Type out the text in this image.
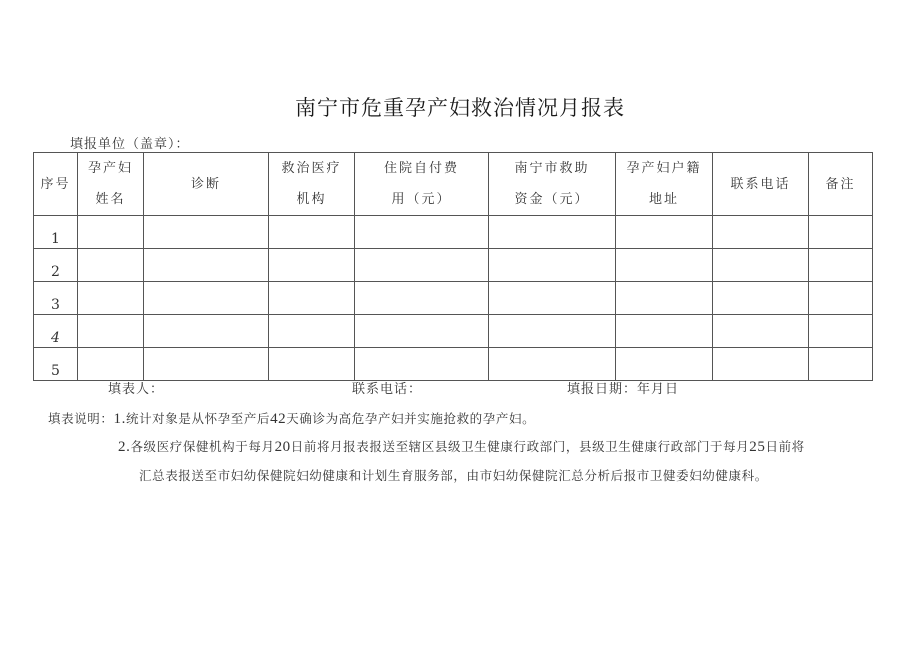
南宁市危重孕产妇救治情况月报表
填报单位（盖章）：
序号	孕产妇姓名	诊断	救治医疗机构	住院自付费用（元）	南宁市救助资金（元）	孕产妇户籍地址	联系电话	备注
1								
2								
3								
4								
5								
填表人：	联系电话：	填报日期：年月日
填表说明：1.统计对象是从怀孕至产后42天确诊为高危孕产妇并实施抢救的孕产妇。
2.各级医疗保健机构于每月20日前将月报表报送至辖区县级卫生健康行政部门，县级卫生健康行政部门于每月25日前将
汇总表报送至市妇幼保健院妇幼健康和计划生育服务部，由市妇幼保健院汇总分析后报市卫健委妇幼健康科。
